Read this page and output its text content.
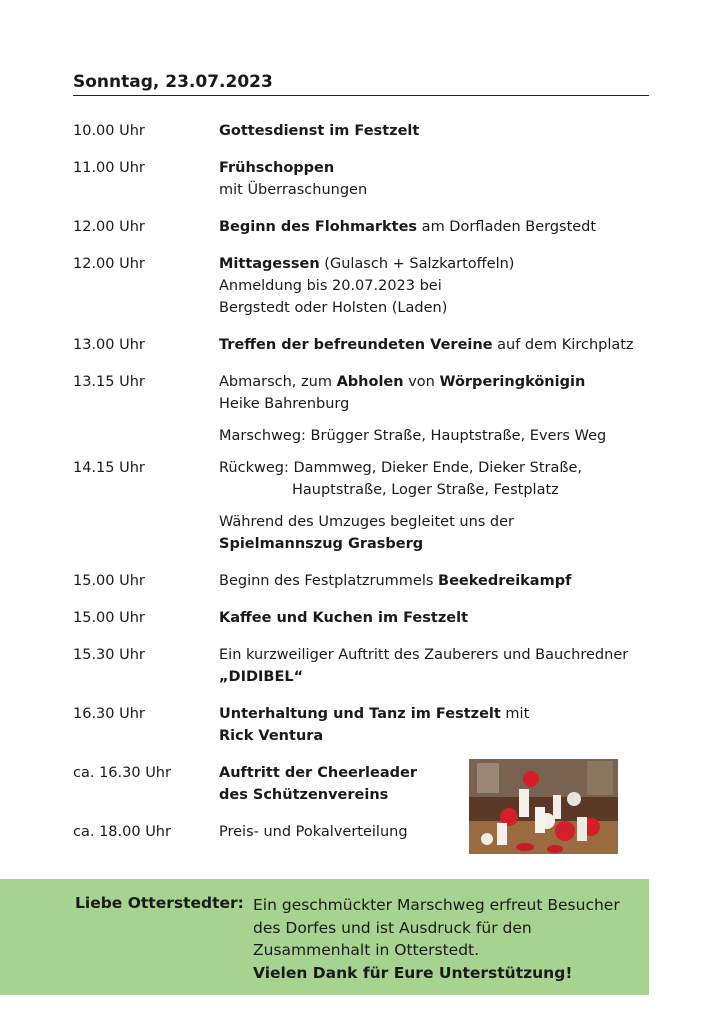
Sonntag, 23.07.2023
10.00 Uhr	Gottesdienst im Festzelt
11.00 Uhr	Frühschoppen
mit Überraschungen
12.00 Uhr	Beginn des Flohmarktes am Dorfladen Bergstedt
12.00 Uhr	Mittagessen (Gulasch + Salzkartoffeln)
Anmeldung bis 20.07.2023 bei
Bergstedt oder Holsten (Laden)
13.00 Uhr	Treffen der befreundeten Vereine auf dem Kirchplatz
13.15 Uhr	Abmarsch, zum Abholen von Wörperingkönigin
Heike Bahrenburg
Marschweg: Brügger Straße, Hauptstraße, Evers Weg
14.15 Uhr	Rückweg: Dammweg, Dieker Ende, Dieker Straße,
Hauptstraße, Loger Straße, Festplatz
Während des Umzuges begleitet uns der
Spielmannszug Grasberg
15.00 Uhr	Beginn des Festplatzrummels Beekedreikampf
15.00 Uhr	Kaffee und Kuchen im Festzelt
15.30 Uhr	Ein kurzweiliger Auftritt des Zauberers und Bauchredner
„DIDIBEL“
16.30 Uhr	Unterhaltung und Tanz im Festzelt mit
Rick Ventura
ca. 16.30 Uhr	Auftritt der Cheerleader
des Schützenvereins
ca. 18.00 Uhr	Preis- und Pokalverteilung
Liebe Otterstedter: Ein geschmückter Marschweg erfreut Besucher des Dorfes und ist Ausdruck für den Zusammenhalt in Otterstedt.
Vielen Dank für Eure Unterstützung!
